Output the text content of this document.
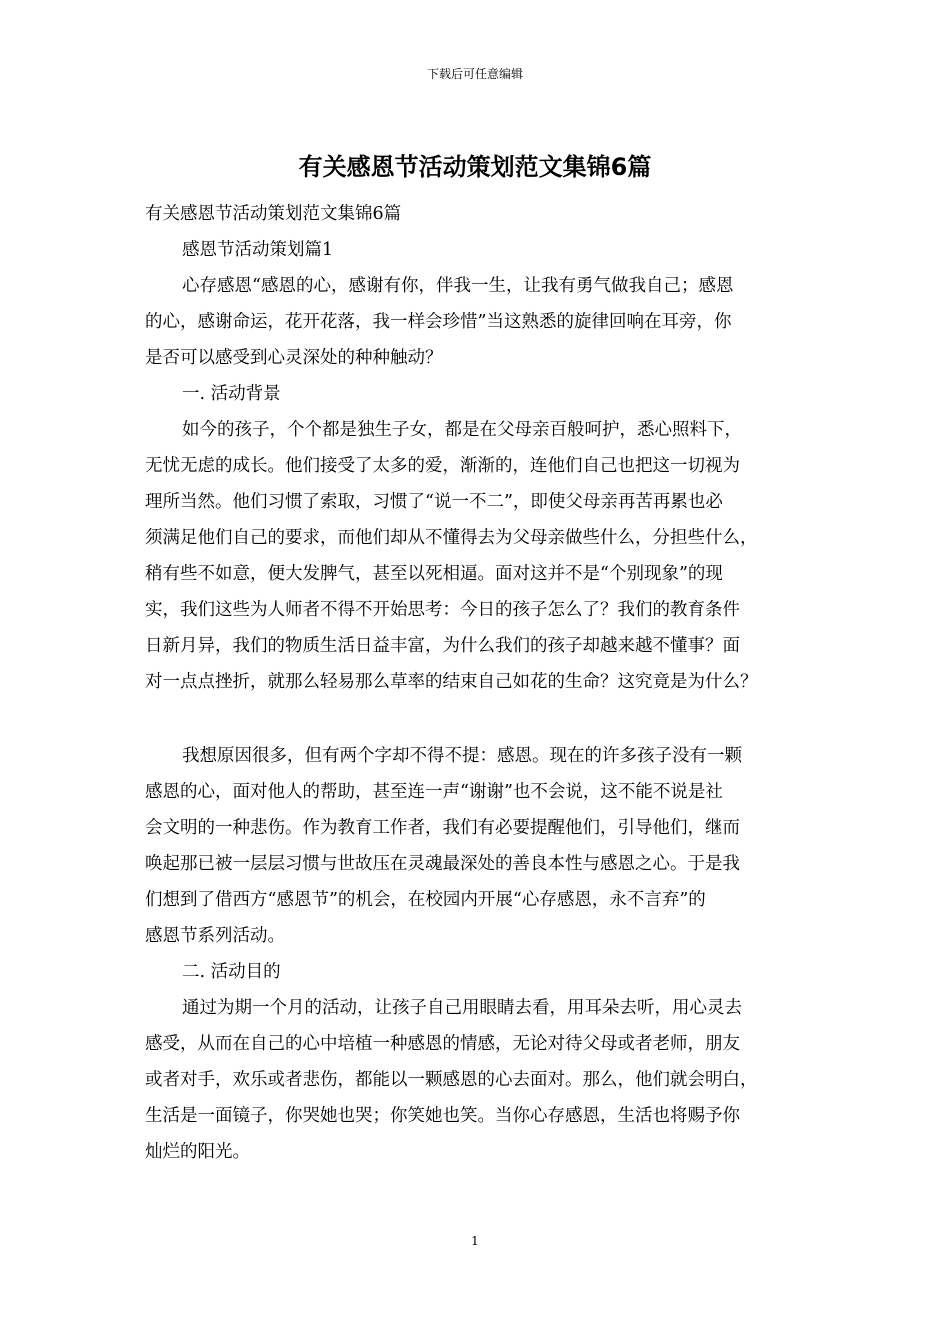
下载后可任意编辑
有关感恩节活动策划范文集锦6篇

有关感恩节活动策划范文集锦6篇

感恩节活动策划篇1

心存感恩“感恩的心，感谢有你，伴我一生，让我有勇气做我自己；感恩
的心，感谢命运，花开花落，我一样会珍惜”当这熟悉的旋律回响在耳旁，你
是否可以感受到心灵深处的种种触动？

一. 活动背景

如今的孩子，个个都是独生子女，都是在父母亲百般呵护，悉心照料下，
无忧无虑的成长。他们接受了太多的爱，渐渐的，连他们自己也把这一切视为
理所当然。他们习惯了索取，习惯了“说一不二”，即使父母亲再苦再累也必
须满足他们自己的要求，而他们却从不懂得去为父母亲做些什么，分担些什么，
稍有些不如意，便大发脾气，甚至以死相逼。面对这并不是“个别现象”的现
实，我们这些为人师者不得不开始思考：今日的孩子怎么了？我们的教育条件
日新月异，我们的物质生活日益丰富，为什么我们的孩子却越来越不懂事？面
对一点点挫折，就那么轻易那么草率的结束自己如花的生命？这究竟是为什么？
我想原因很多，但有两个字却不得不提：感恩。现在的许多孩子没有一颗
感恩的心，面对他人的帮助，甚至连一声“谢谢”也不会说，这不能不说是社
会文明的一种悲伤。作为教育工作者，我们有必要提醒他们，引导他们，继而
唤起那已被一层层习惯与世故压在灵魂最深处的善良本性与感恩之心。于是我
们想到了借西方“感恩节”的机会，在校园内开展“心存感恩，永不言弃”的
感恩节系列活动。

二. 活动目的

通过为期一个月的活动，让孩子自己用眼睛去看，用耳朵去听，用心灵去
感受，从而在自己的心中培植一种感恩的情感，无论对待父母或者老师，朋友
或者对手，欢乐或者悲伤，都能以一颗感恩的心去面对。那么，他们就会明白，
生活是一面镜子，你哭她也哭；你笑她也笑。当你心存感恩，生活也将赐予你
灿烂的阳光。
1
